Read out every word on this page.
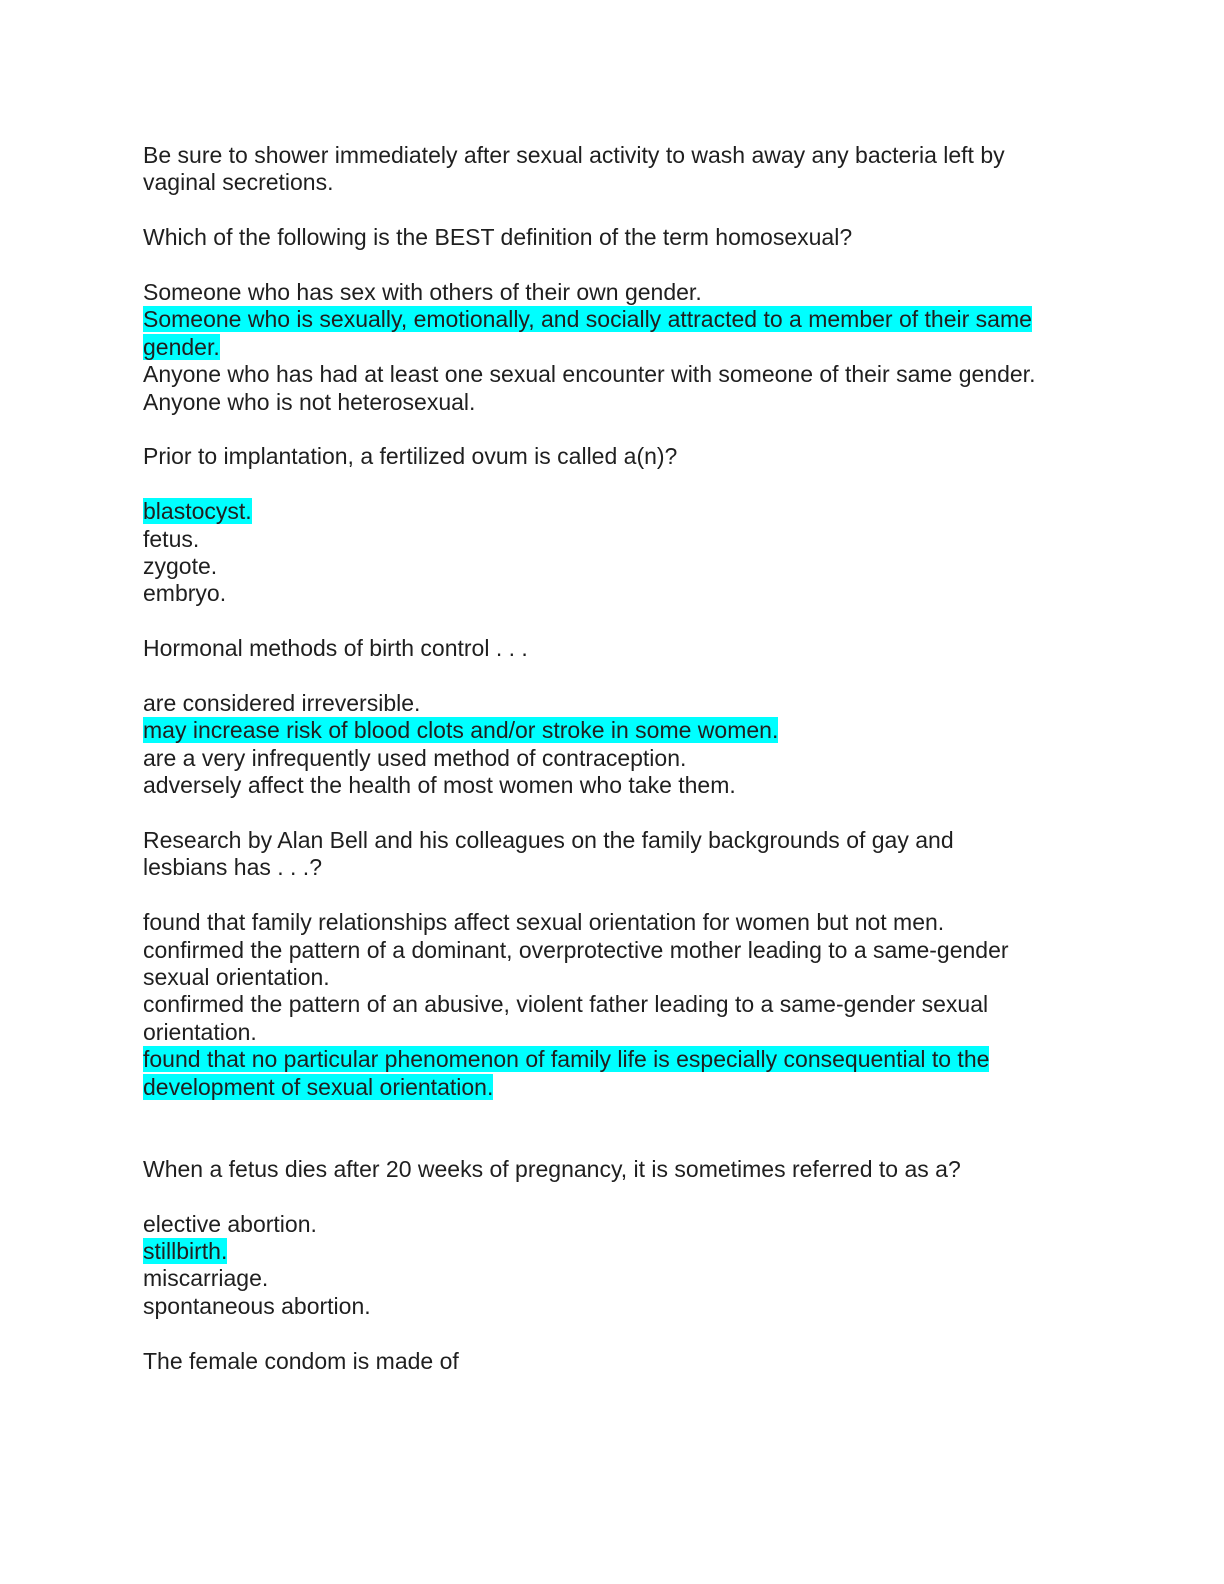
Be sure to shower immediately after sexual activity to wash away any bacteria left by
vaginal secretions.
Which of the following is the BEST definition of the term homosexual?
Someone who has sex with others of their own gender.
Someone who is sexually, emotionally, and socially attracted to a member of their same
gender.
Anyone who has had at least one sexual encounter with someone of their same gender.
Anyone who is not heterosexual.
Prior to implantation, a fertilized ovum is called a(n)?
blastocyst.
fetus.
zygote.
embryo.
Hormonal methods of birth control . . .
are considered irreversible.
may increase risk of blood clots and/or stroke in some women.
are a very infrequently used method of contraception.
adversely affect the health of most women who take them.
Research by Alan Bell and his colleagues on the family backgrounds of gay and
lesbians has . . .?
found that family relationships affect sexual orientation for women but not men.
confirmed the pattern of a dominant, overprotective mother leading to a same-gender
sexual orientation.
confirmed the pattern of an abusive, violent father leading to a same-gender sexual
orientation.
found that no particular phenomenon of family life is especially consequential to the
development of sexual orientation.
When a fetus dies after 20 weeks of pregnancy, it is sometimes referred to as a?
elective abortion.
stillbirth.
miscarriage.
spontaneous abortion.
The female condom is made of
